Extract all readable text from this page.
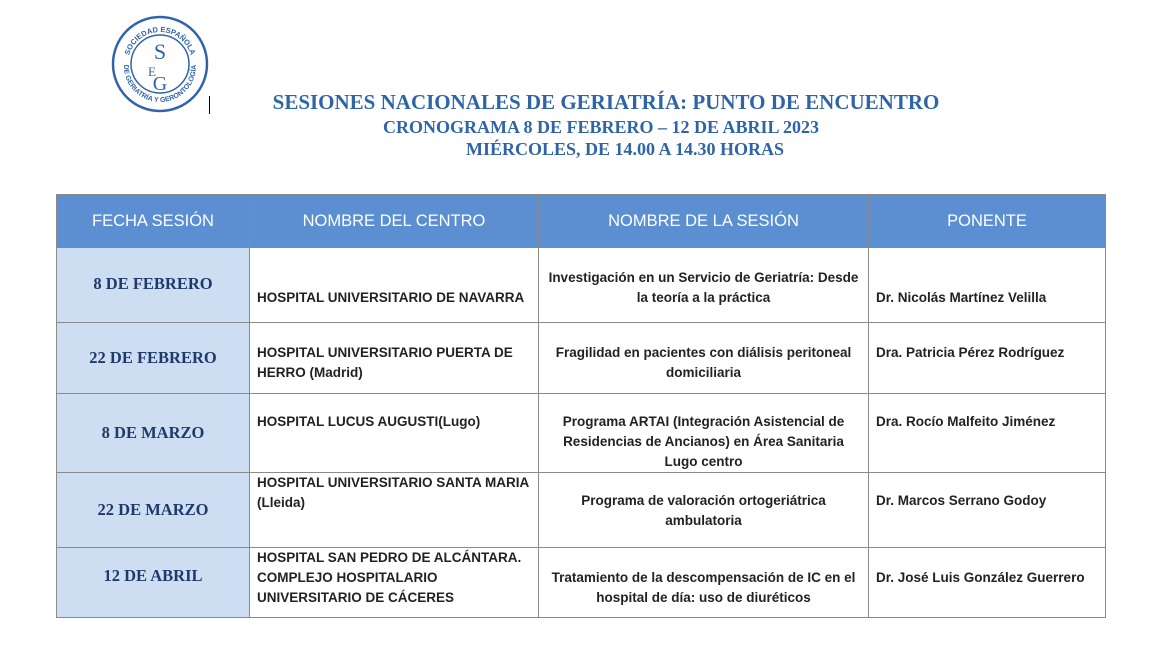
SOCIEDAD ESPAÑOLA
DE GERIATRÍA Y GERONTOLOGÍA
S
E
G
SESIONES NACIONALES DE GERIATRÍA: PUNTO DE ENCUENTRO
CRONOGRAMA 8 DE FEBRERO – 12 DE ABRIL 2023
MIÉRCOLES, DE 14.00 A 14.30 HORAS
FECHA SESIÓN	NOMBRE DEL CENTRO	NOMBRE DE LA SESIÓN	PONENTE
8 DE FEBRERO	HOSPITAL UNIVERSITARIO DE NAVARRA	Investigación en un Servicio de Geriatría: Desde la teoría a la práctica	Dr. Nicolás Martínez Velilla
22 DE FEBRERO	HOSPITAL UNIVERSITARIO PUERTA DE HERRO (Madrid)	Fragilidad en pacientes con diálisis peritoneal domiciliaria	Dra. Patricia Pérez Rodríguez
8 DE MARZO	HOSPITAL LUCUS AUGUSTI(Lugo)	Programa ARTAI (Integración Asistencial de Residencias de Ancianos) en Área Sanitaria Lugo centro	Dra. Rocío Malfeito Jiménez
22 DE MARZO	HOSPITAL UNIVERSITARIO SANTA MARIA (Lleida)	Programa de valoración ortogeriátrica ambulatoria	Dr. Marcos Serrano Godoy
12 DE ABRIL	HOSPITAL SAN PEDRO DE ALCÁNTARA. COMPLEJO HOSPITALARIO UNIVERSITARIO DE CÁCERES	Tratamiento de la descompensación de IC en el hospital de día: uso de diuréticos	Dr. José Luis González Guerrero
